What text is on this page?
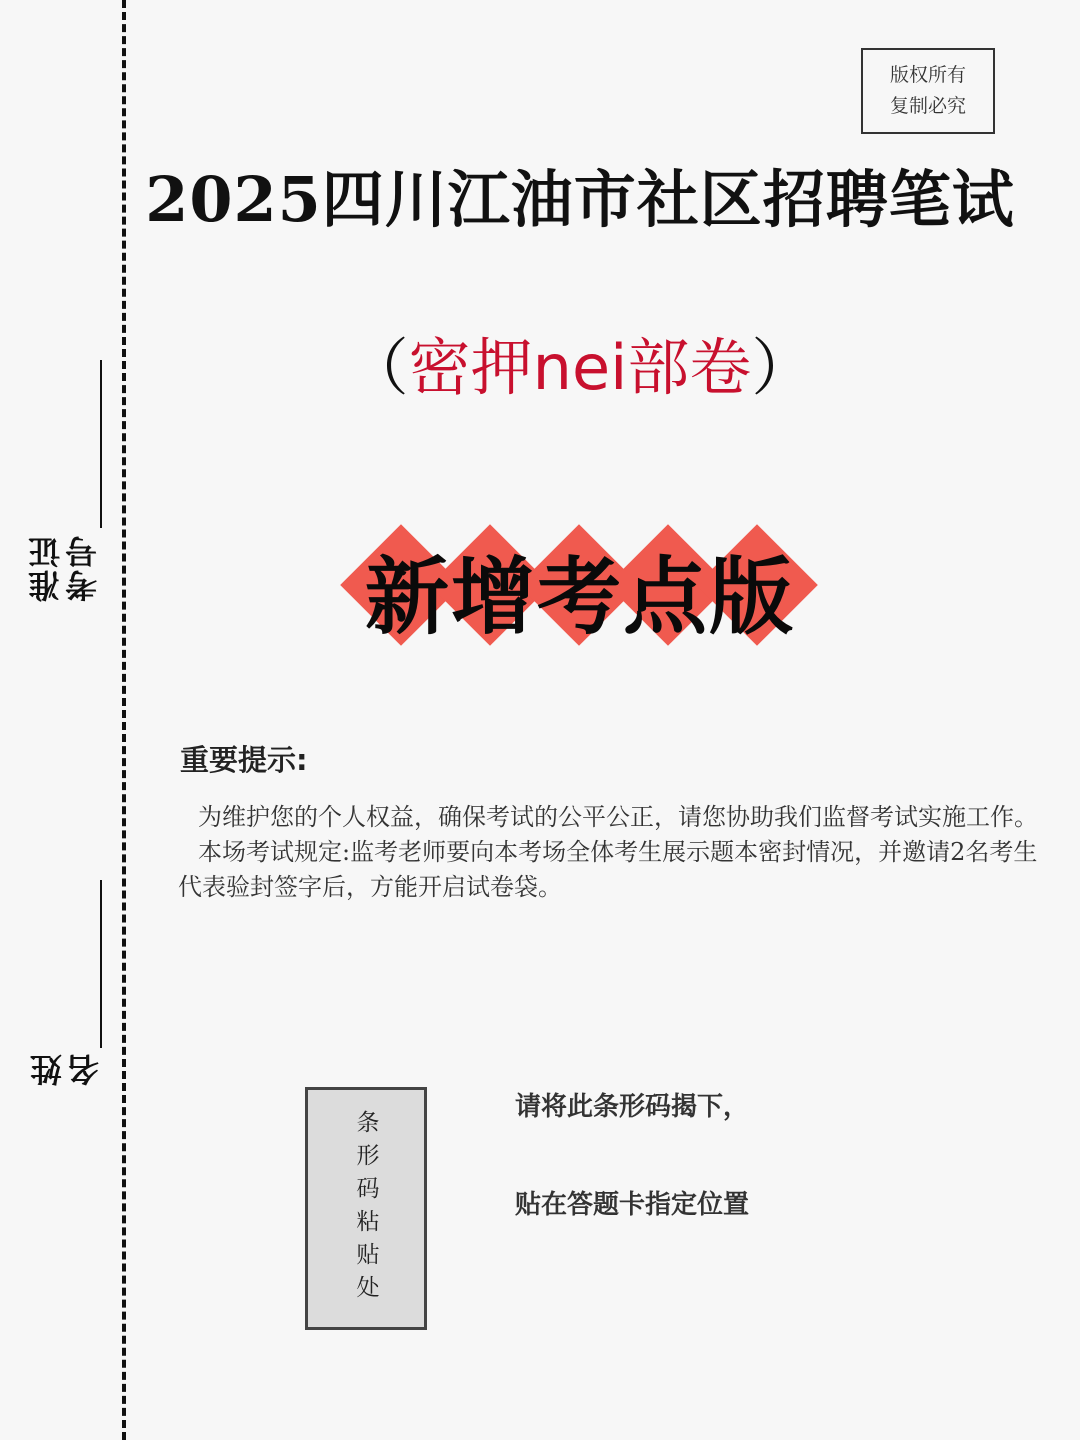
准证考号
姓名
版权所有
复制必究
2025四川江油市社区招聘笔试
（密押nei部卷）
新增考点版
重要提示:

为维护您的个人权益，确保考试的公平公正，请您协助我们监督考试实施工作。

本场考试规定:监考老师要向本考场全体考生展示题本密封情况，并邀请2名考生代表验封签字后，方能开启试卷袋。

条形码粘贴处
请将此条形码揭下，
贴在答题卡指定位置
